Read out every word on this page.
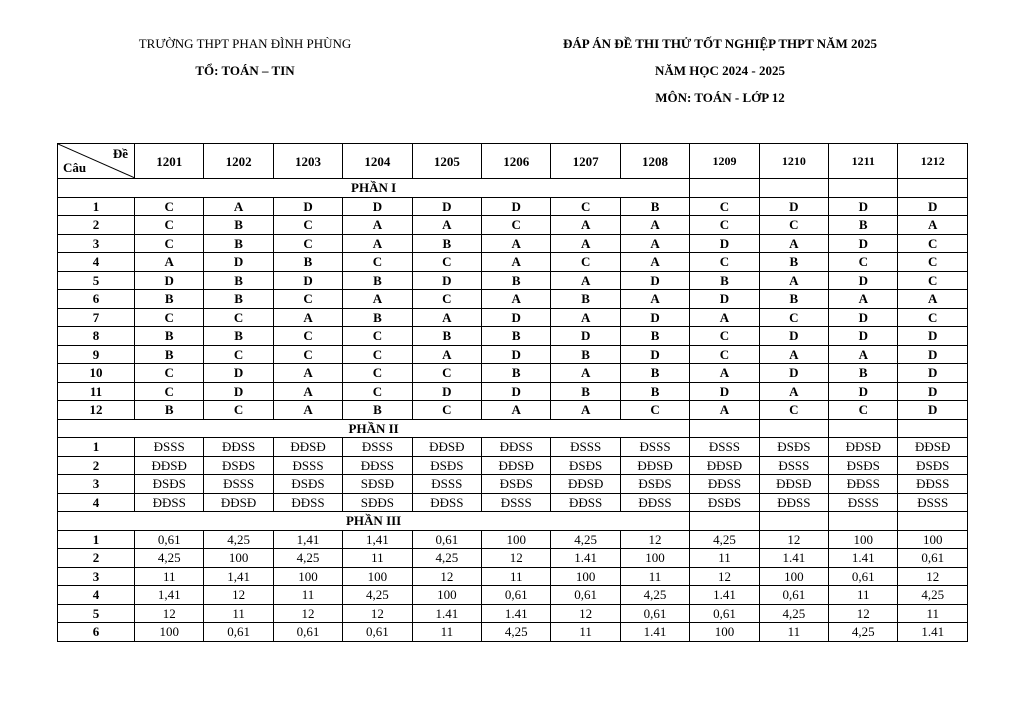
TRƯỜNG THPT PHAN ĐÌNH PHÙNG
TỔ: TOÁN – TIN
ĐÁP ÁN ĐỀ THI THỬ TỐT NGHIỆP THPT NĂM 2025
NĂM HỌC 2024 - 2025
MÔN: TOÁN - LỚP 12
Đề
Câu	1201	1202	1203	1204	1205	1206	1207	1208	1209	1210	1211	1212
PHẦN I												
1	C	A	D	D	D	D	C	B	C	D	D	D
2	C	B	C	A	A	C	A	A	C	C	B	A
3	C	B	C	A	B	A	A	A	D	A	D	C
4	A	D	B	C	C	A	C	A	C	B	C	C
5	D	B	D	B	D	B	A	D	B	A	D	C
6	B	B	C	A	C	A	B	A	D	B	A	A
7	C	C	A	B	A	D	A	D	A	C	D	C
8	B	B	C	C	B	B	D	B	C	D	D	D
9	B	C	C	C	A	D	B	D	C	A	A	D
10	C	D	A	C	C	B	A	B	A	D	B	D
11	C	D	A	C	D	D	B	B	D	A	D	D
12	B	C	A	B	C	A	A	C	A	C	C	D
PHẦN II												
1	ĐSSS	ĐĐSS	ĐĐSĐ	ĐSSS	ĐĐSĐ	ĐĐSS	ĐSSS	ĐSSS	ĐSSS	ĐSĐS	ĐĐSĐ	ĐĐSĐ
2	ĐĐSĐ	ĐSĐS	ĐSSS	ĐĐSS	ĐSĐS	ĐĐSĐ	ĐSĐS	ĐĐSĐ	ĐĐSĐ	ĐSSS	ĐSĐS	ĐSĐS
3	ĐSĐS	ĐSSS	ĐSĐS	SĐSĐ	ĐSSS	ĐSĐS	ĐĐSĐ	ĐSĐS	ĐĐSS	ĐĐSĐ	ĐĐSS	ĐĐSS
4	ĐĐSS	ĐĐSĐ	ĐĐSS	SĐĐS	ĐĐSS	ĐSSS	ĐĐSS	ĐĐSS	ĐSĐS	ĐĐSS	ĐSSS	ĐSSS
PHẦN III												
1	0,61	4,25	1,41	1,41	0,61	100	4,25	12	4,25	12	100	100
2	4,25	100	4,25	11	4,25	12	1.41	100	11	1.41	1.41	0,61
3	11	1,41	100	100	12	11	100	11	12	100	0,61	12
4	1,41	12	11	4,25	100	0,61	0,61	4,25	1.41	0,61	11	4,25
5	12	11	12	12	1.41	1.41	12	0,61	0,61	4,25	12	11
6	100	0,61	0,61	0,61	11	4,25	11	1.41	100	11	4,25	1.41
